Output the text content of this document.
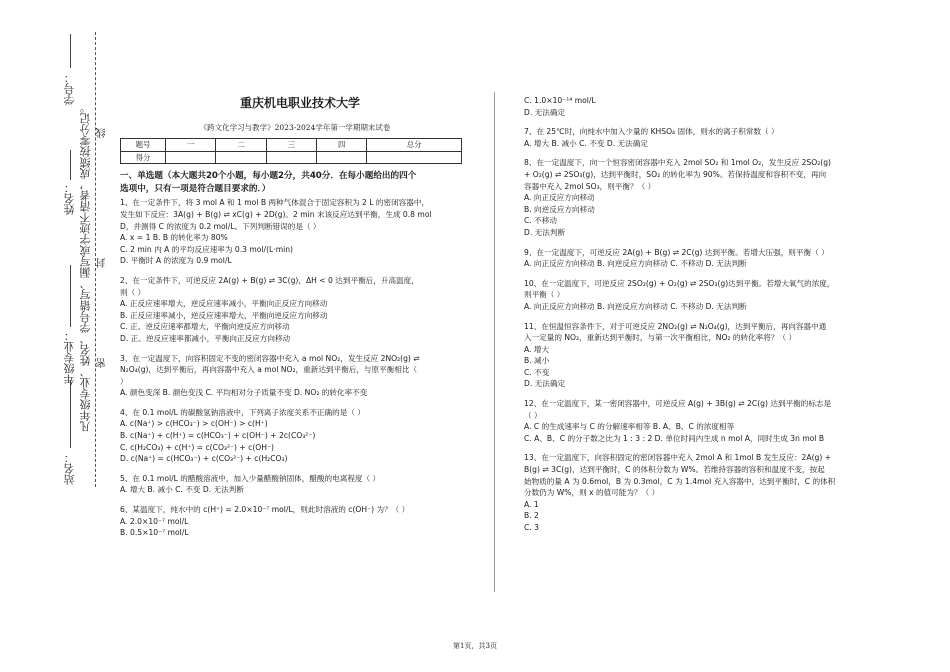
学号：
姓名： 凡年级专业、姓名、学号错写、漏写或字迹不清者，成绩按零分记。 线
封
密
年级专业：
站名：
重庆机电职业技术大学
《跨文化学习与教学》2023-2024学年第一学期期末试卷
题号	一	二	三	四	总分
得分					
一、单选题（本大题共20个小题，每小题2分，共40分．在每小题给出的四个
选项中，只有一项是符合题目要求的．）
1、在一定条件下，将 3 mol A 和 1 mol B 两种气体混合于固定容积为 2 L 的密闭容器中，
发生如下反应：3A(g) + B(g) ⇌ xC(g) + 2D(g)。2 min 末该反应达到平衡，生成 0.8 mol
D，并测得 C 的浓度为 0.2 mol/L。下列判断错误的是（ ）
A. x = 1 B. B 的转化率为 80%
C. 2 min 内 A 的平均反应速率为 0.3 mol/(L·min)
D. 平衡时 A 的浓度为 0.9 mol/L
2、在一定条件下，可逆反应 2A(g) + B(g) ⇌ 3C(g)，ΔH < 0 达到平衡后，升高温度，
则（ ）
A. 正反应速率增大，逆反应速率减小，平衡向正反应方向移动
B. 正反应速率减小，逆反应速率增大，平衡向逆反应方向移动
C. 正、逆反应速率都增大，平衡向逆反应方向移动
D. 正、逆反应速率都减小，平衡向正反应方向移动
3、在一定温度下，向容积固定不变的密闭容器中充入 a mol NO₂，发生反应 2NO₂(g) ⇌
N₂O₄(g)，达到平衡后，再向容器中充入 a mol NO₂，重新达到平衡后，与原平衡相比（
）
A. 颜色变深 B. 颜色变浅 C. 平均相对分子质量不变 D. NO₂ 的转化率不变
4、在 0.1 mol/L 的碳酸氢钠溶液中，下列离子浓度关系不正确的是（ ）
A. c(Na⁺) > c(HCO₃⁻) > c(OH⁻) > c(H⁺)
B. c(Na⁺) + c(H⁺) = c(HCO₃⁻) + c(OH⁻) + 2c(CO₃²⁻)
C. c(H₂CO₃) + c(H⁺) = c(CO₃²⁻) + c(OH⁻)
D. c(Na⁺) = c(HCO₃⁻) + c(CO₃²⁻) + c(H₂CO₃)
5、在 0.1 mol/L 的醋酸溶液中，加入少量醋酸钠固体，醋酸的电离程度（ ）
A. 增大 B. 减小 C. 不变 D. 无法判断
6、某温度下，纯水中的 c(H⁺) = 2.0×10⁻⁷ mol/L，则此时溶液的 c(OH⁻) 为？（ ）
A. 2.0×10⁻⁷ mol/L
B. 0.5×10⁻⁷ mol/L
C. 1.0×10⁻¹⁴ mol/L
D. 无法确定
7、在 25℃时，向纯水中加入少量的 KHSO₄ 固体，则水的离子积常数（ ）
A. 增大 B. 减小 C. 不变 D. 无法确定
8、在一定温度下，向一个恒容密闭容器中充入 2mol SO₂ 和 1mol O₂，发生反应 2SO₂(g)
+ O₂(g) ⇌ 2SO₃(g)，达到平衡时，SO₂ 的转化率为 90%。若保持温度和容积不变，再向
容器中充入 2mol SO₃，则平衡？（ ）
A. 向正反应方向移动
B. 向逆反应方向移动
C. 不移动
D. 无法判断
9、在一定温度下，可逆反应 2A(g) + B(g) ⇌ 2C(g) 达到平衡。若增大压强，则平衡（ ）
A. 向正反应方向移动 B. 向逆反应方向移动 C. 不移动 D. 无法判断
10、在一定温度下，可逆反应 2SO₂(g) + O₂(g) ⇌ 2SO₃(g)达到平衡。若增大氧气的浓度，
则平衡（ ）
A. 向正反应方向移动 B. 向逆反应方向移动 C. 不移动 D. 无法判断
11、在恒温恒容条件下，对于可逆反应 2NO₂(g) ⇌ N₂O₄(g)，达到平衡后，再向容器中通
入一定量的 NO₂，重新达到平衡时，与第一次平衡相比，NO₂ 的转化率将？（ ）
A. 增大
B. 减小
C. 不变
D. 无法确定
12、在一定温度下，某一密闭容器中，可逆反应 A(g) + 3B(g) ⇌ 2C(g) 达到平衡的标志是
（ ）
A. C 的生成速率与 C 的分解速率相等 B. A、B、C 的浓度相等
C. A、B、C 的分子数之比为 1 : 3 : 2 D. 单位时间内生成 n mol A，同时生成 3n mol B
13、在一定温度下，向容积固定的密闭容器中充入 2mol A 和 1mol B 发生反应：2A(g) +
B(g) ⇌ 3C(g)，达到平衡时，C 的体积分数为 W%。若维持容器的容积和温度不变，按起
始物质的量 A 为 0.6mol，B 为 0.3mol，C 为 1.4mol 充入容器中，达到平衡时，C 的体积
分数仍为 W%，则 x 的值可能为？（ ）
A. 1
B. 2
C. 3
第1页，共3页
